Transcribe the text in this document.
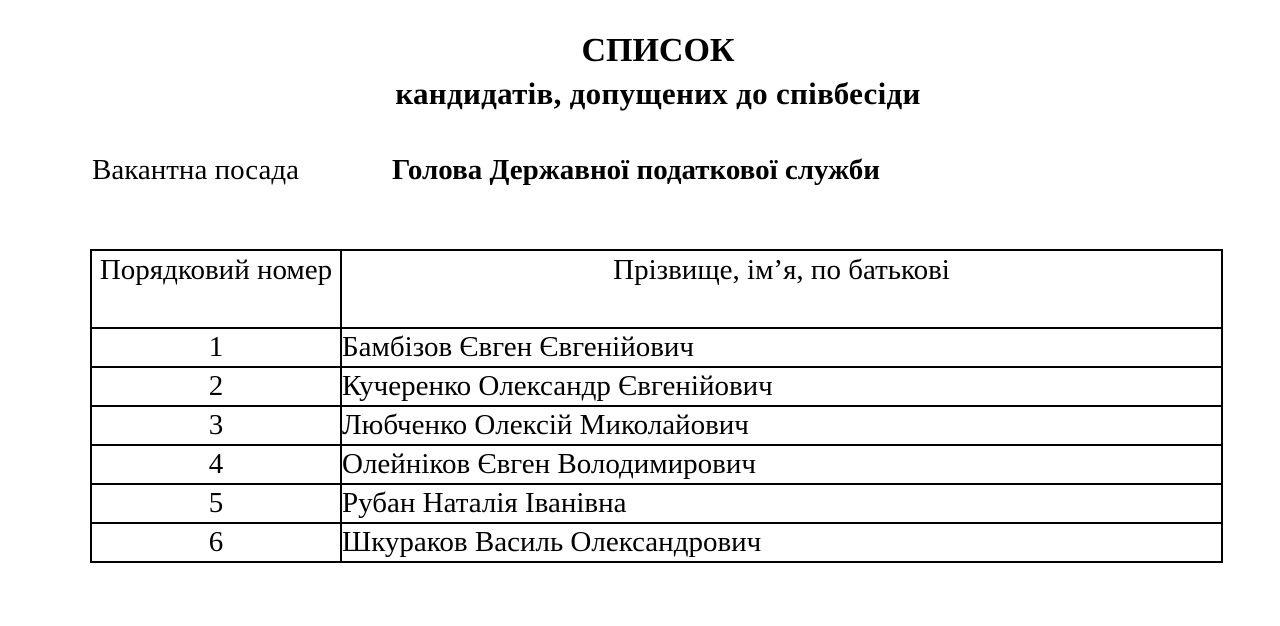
СПИСОК
кандидатів, допущених до співбесіди
Вакантна посада	Голова Державної податкової служби
Порядковий номер	Прізвище, ім’я, по батькові
1	Бамбізов Євген Євгенійович
2	Кучеренко Олександр Євгенійович
3	Любченко Олексій Миколайович
4	Олейніков Євген Володимирович
5	Рубан Наталія Іванівна
6	Шкураков Василь Олександрович
